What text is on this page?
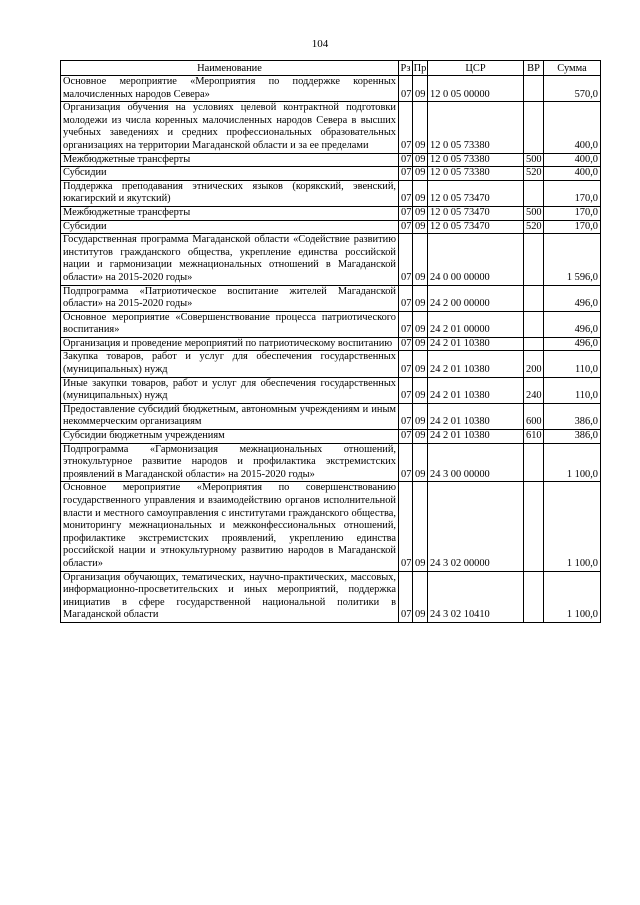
104
Наименование	Рз	Пр	ЦСР	ВР	Сумма
Основное мероприятие «Мероприятия по поддержке коренных малочисленных народов Севера»	07	09	12 0 05 00000		570,0
Организация обучения на условиях целевой контрактной подготовки молодежи из числа коренных малочисленных народов Севера в высших учебных заведениях и средних профессиональных образовательных организациях на территории Магаданской области и за ее пределами	07	09	12 0 05 73380		400,0
Межбюджетные трансферты	07	09	12 0 05 73380	500	400,0
Субсидии	07	09	12 0 05 73380	520	400,0
Поддержка преподавания этнических языков (корякский, эвенский, юкагирский и якутский)	07	09	12 0 05 73470		170,0
Межбюджетные трансферты	07	09	12 0 05 73470	500	170,0
Субсидии	07	09	12 0 05 73470	520	170,0
Государственная программа Магаданской области «Содействие развитию институтов гражданского общества, укрепление единства российской нации и гармонизации межнациональных отношений в Магаданской области» на 2015-2020 годы»	07	09	24 0 00 00000		1 596,0
Подпрограмма «Патриотическое воспитание жителей Магаданской области» на 2015-2020 годы»	07	09	24 2 00 00000		496,0
Основное мероприятие «Совершенствование процесса патриотического воспитания»	07	09	24 2 01 00000		496,0
Организация и проведение мероприятий по патриотическому воспитанию	07	09	24 2 01 10380		496,0
Закупка товаров, работ и услуг для обеспечения государственных (муниципальных) нужд	07	09	24 2 01 10380	200	110,0
Иные закупки товаров, работ и услуг для обеспечения государственных (муниципальных) нужд	07	09	24 2 01 10380	240	110,0
Предоставление субсидий бюджетным, автономным учреждениям и иным некоммерческим организациям	07	09	24 2 01 10380	600	386,0
Субсидии бюджетным учреждениям	07	09	24 2 01 10380	610	386,0
Подпрограмма «Гармонизация межнациональных отношений, этнокультурное развитие народов и профилактика экстремистских проявлений в Магаданской области» на 2015-2020 годы»	07	09	24 3 00 00000		1 100,0
Основное мероприятие «Мероприятия по совершенствованию государственного управления и взаимодействию органов исполнительной власти и местного самоуправления с институтами гражданского общества, мониторингу межнациональных и межконфессиональных отношений, профилактике экстремистских проявлений, укреплению единства российской нации и этнокультурному развитию народов в Магаданской области»	07	09	24 3 02 00000		1 100,0
Организация обучающих, тематических, научно-практических, массовых, информационно-просветительских и иных мероприятий, поддержка инициатив в сфере государственной национальной политики в Магаданской области	07	09	24 3 02 10410		1 100,0
